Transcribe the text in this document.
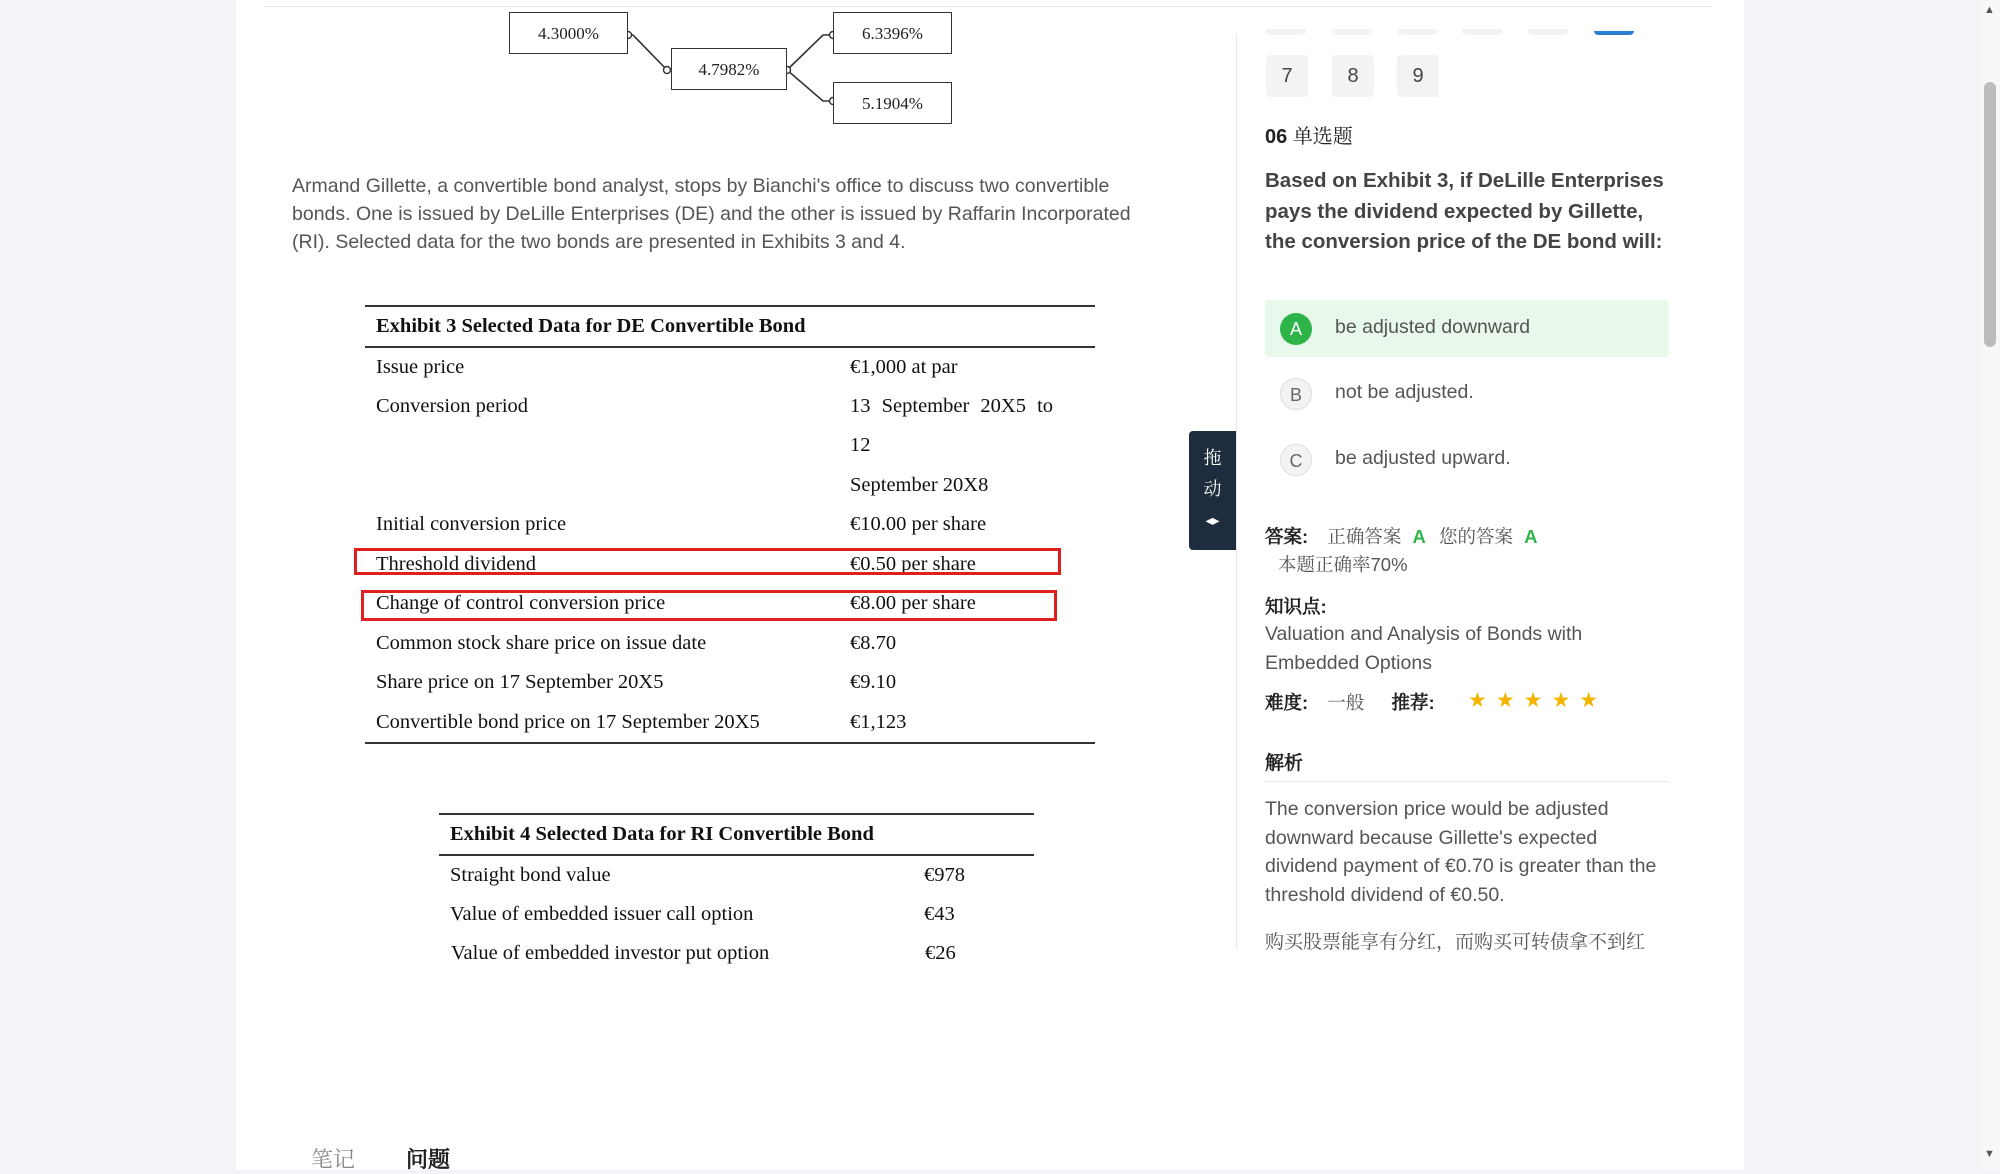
4.3000%
4.7982%
6.3396%
5.1904%
Armand Gillette, a convertible bond analyst, stops by Bianchi's office to discuss two convertible bonds. One is issued by DeLille Enterprises (DE) and the other is issued by Raffarin Incorporated (RI). Selected data for the two bonds are presented in Exhibits 3 and 4.
Exhibit 3 Selected Data for DE Convertible Bond
Issue price	€1,000 at par
Conversion period	13 September 20X5 to
12
September 20X8
Initial conversion price	€10.00 per share
Threshold dividend	€0.50 per share
Change of control conversion price	€8.00 per share
Common stock share price on issue date	€8.70
Share price on 17 September 20X5	€9.10
Convertible bond price on 17 September 20X5	€1,123
Exhibit 4 Selected Data for RI Convertible Bond
Straight bond value	€978
Value of embedded issuer call option	€43
Value of embedded investor put option	€26
拖
动
◂▸
7	8	9
06 单选题
Based on Exhibit 3, if DeLille Enterprises pays the dividend expected by Gillette, the conversion price of the DE bond will:
A	be adjusted downward
B	not be adjusted.
C	be adjusted upward.
答案: 正确答案 A 您的答案 A
本题正确率70%
知识点:
Valuation and Analysis of Bonds with Embedded Options
难度: 一般 推荐: ★★★★★
解析
The conversion price would be adjusted downward because Gillette's expected dividend payment of €0.70 is greater than the threshold dividend of €0.50.
购买股票能享有分红，而购买可转债拿不到红
笔记 问题
▲
▼
